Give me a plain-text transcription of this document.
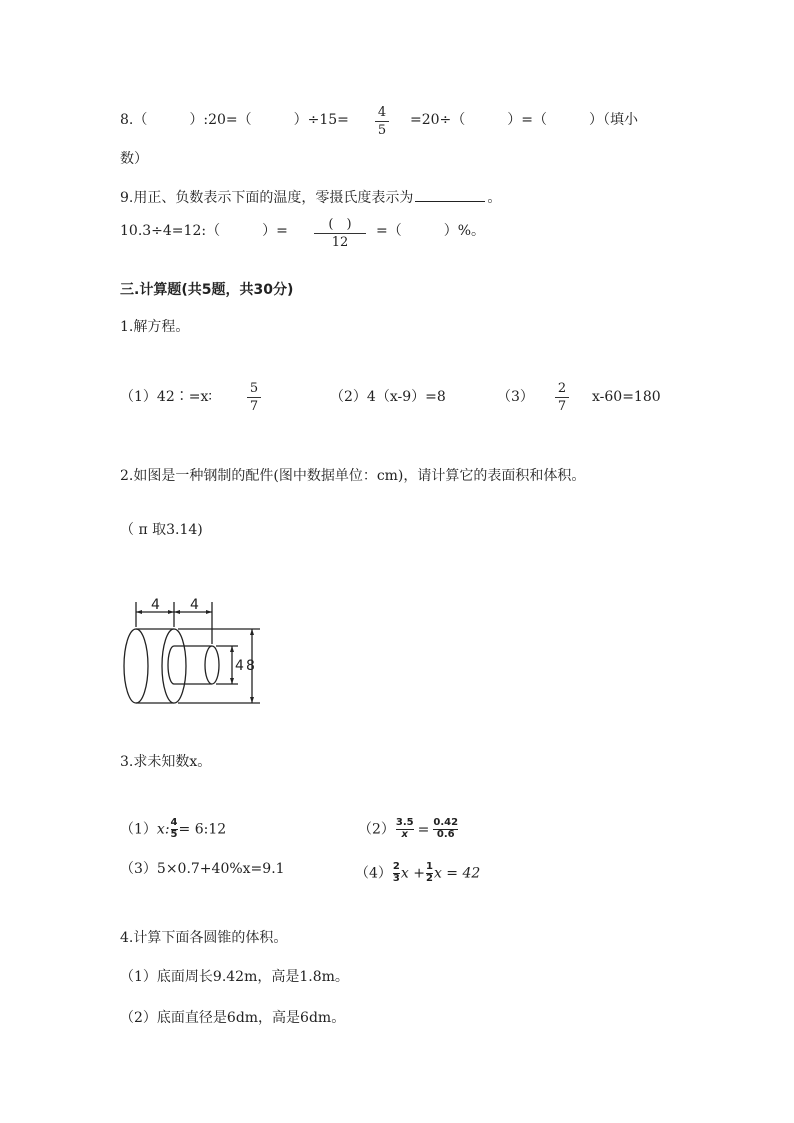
8.（　　　）:20=（　　　）÷15= 4
5
=20÷（　　　）=（　　　）（填小
数）
9.用正、负数表示下面的温度，零摄氏度表示为	。
10.3÷4=12:（　　　）=	(　)
12
=（　　　）%。
三.计算题(共5题，共30分)
1.解方程。
（1）42∶=x∶
5
7
（2）4（x-9）=8	（3）
2
7
x-60=180
2.如图是一种钢制的配件(图中数据单位：cm)，请计算它的表面积和体积。
（ π 取3.14)
4 4
4 8
3.求未知数x。
（1）x: $\frac{4}{5}$ = 6:12	$(2) \frac{3.5}{x} = \frac{0.42}{0.6}$
（3）5×0.7+40%x=9.1	$(4) \frac{2}{3}$ $x + \frac{1}{2}$ x = 42
4.计算下面各圆锥的体积。
（1）底面周长9.42m，高是1.8m。
（2）底面直径是6dm，高是6dm。
